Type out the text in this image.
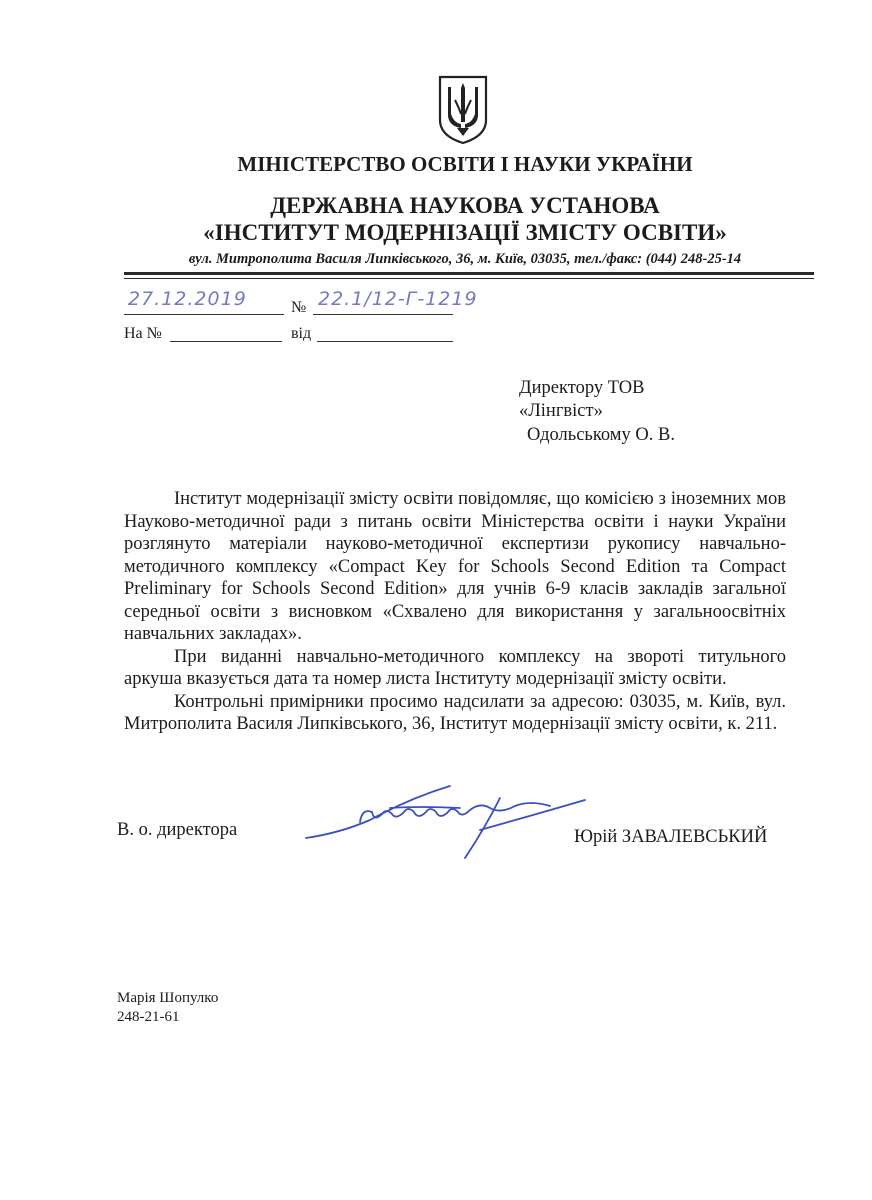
МІНІСТЕРСТВО ОСВІТИ І НАУКИ УКРАЇНИ
ДЕРЖАВНА НАУКОВА УСТАНОВА
«ІНСТИТУТ МОДЕРНІЗАЦІЇ ЗМІСТУ ОСВІТИ»
вул. Митрополита Василя Липківського, 36, м. Київ, 03035, тел./факс: (044) 248-25-14
27.12.2019	№ 22.1/12-Г-1219
На №	від
Директору ТОВ
«Лінгвіст»
Одольському О. В.

Інститут модернізації змісту освіти повідомляє, що комісією з іноземних мов Науково-методичної ради з питань освіти Міністерства освіти і науки України розглянуто матеріали науково-методичної експертизи рукопису навчально-методичного комплексу «Compact Key for Schools Second Edition та Compact Preliminary for Schools Second Edition» для учнів 6-9 класів закладів загальної середньої освіти з висновком «Схвалено для використання у загальноосвітніх навчальних закладах».

При виданні навчально-методичного комплексу на звороті титульного аркуша вказується дата та номер листа Інституту модернізації змісту освіти.

Контрольні примірники просимо надсилати за адресою: 03035, м. Київ, вул. Митрополита Василя Липківського, 36, Інститут модернізації змісту освіти, к. 211.

В. о. директора	Юрій ЗАВАЛЕВСЬКИЙ
Марія Шопулко
248-21-61
